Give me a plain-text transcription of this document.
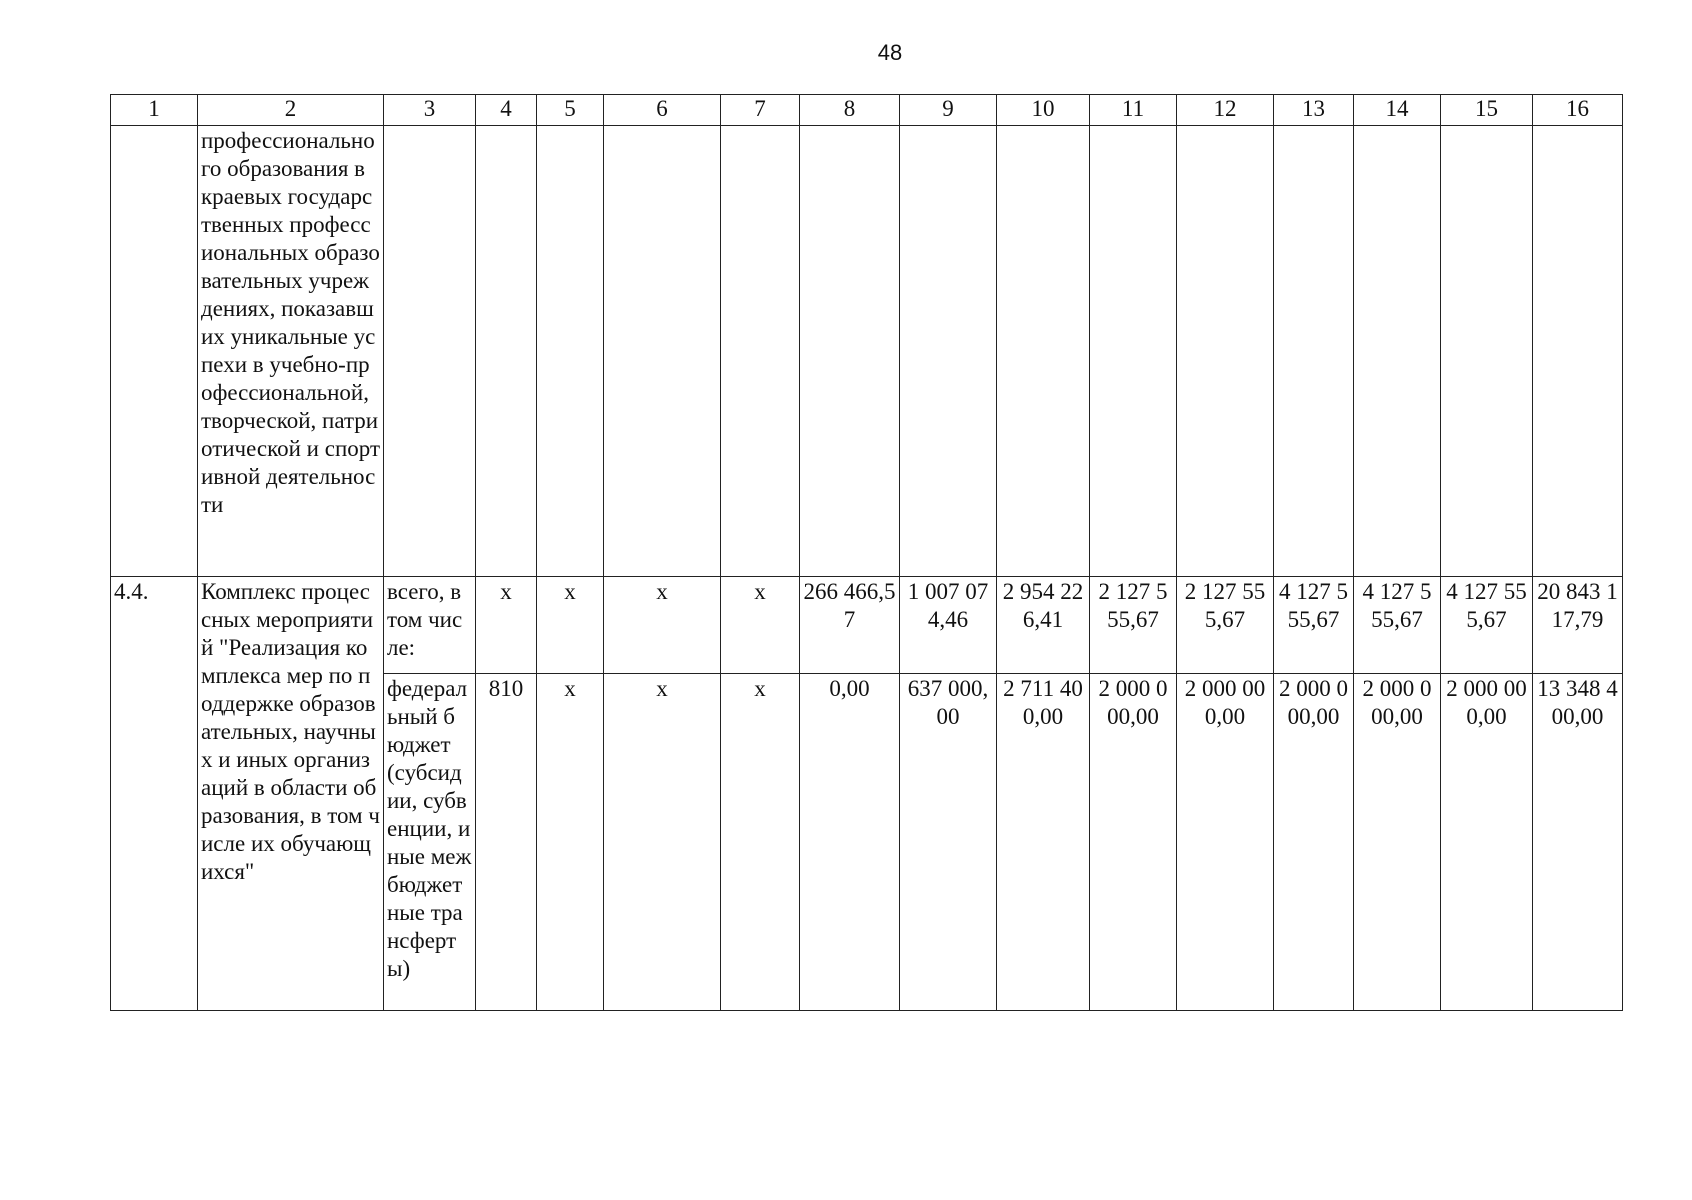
48
1	2	3	4	5	6	7	8	9	10	11	12	13	14	15	16
	профессионального образования в краевых государственных профессиональных образовательных учреждениях, показавших уникальные успехи в учебно-профессиональной, творческой, патриотической и спортивной деятельности														
4.4.	Комплекс процессных мероприятий "Реализация комплекса мер по поддержке образовательных, научных и иных организаций в области образования, в том числе их обучающихся"	всего, в том числе:	х	х	х	х	266 466,57	1 007 074,46	2 954 226,41	2 127 555,67	2 127 555,67	4 127 555,67	4 127 555,67	4 127 555,67	20 843 117,79
		федеральный бюджет (субсидии, субвенции, иные межбюджетные трансферты)	810	х	х	х	0,00	637 000,00	2 711 400,00	2 000 000,00	2 000 000,00	2 000 000,00	2 000 000,00	2 000 000,00	13 348 400,00
